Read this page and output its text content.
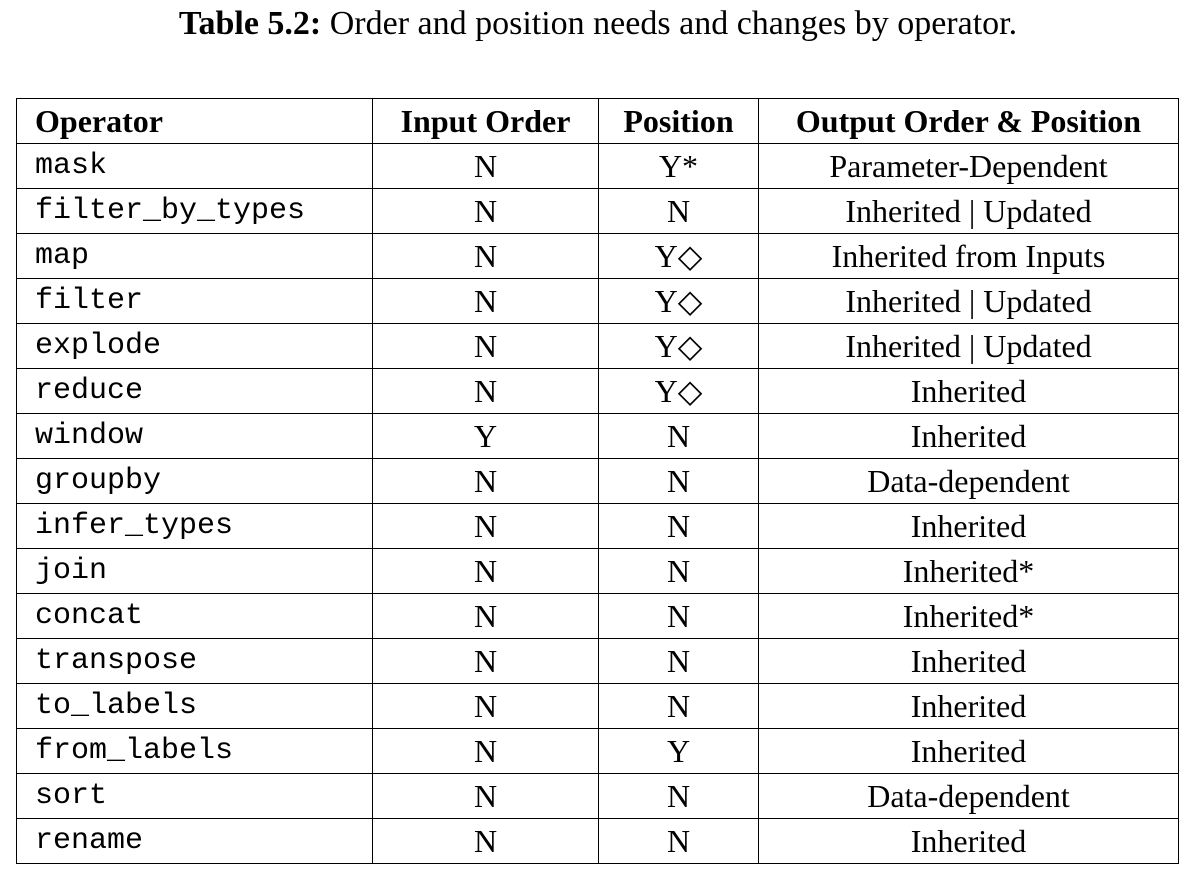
Table 5.2: Order and position needs and changes by operator.
Operator	Input Order	Position	Output Order & Position
mask	N	Y*	Parameter-Dependent
filter_by_types	N	N	Inherited | Updated
map	N	Y◇	Inherited from Inputs
filter	N	Y◇	Inherited | Updated
explode	N	Y◇	Inherited | Updated
reduce	N	Y◇	Inherited
window	Y	N	Inherited
groupby	N	N	Data-dependent
infer_types	N	N	Inherited
join	N	N	Inherited*
concat	N	N	Inherited*
transpose	N	N	Inherited
to_labels	N	N	Inherited
from_labels	N	Y	Inherited
sort	N	N	Data-dependent
rename	N	N	Inherited
